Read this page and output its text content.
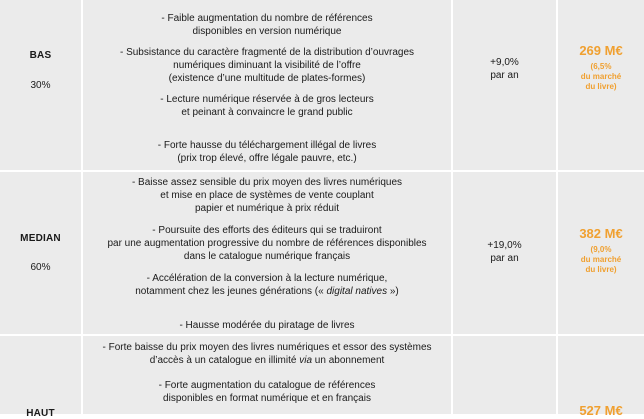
BAS
30%
- Faible augmentation du nombre de références
disponibles en version numérique
- Subsistance du caractère fragmenté de la distribution d’ouvrages
numériques diminuant la visibilité de l’offre
(existence d’une multitude de plates-formes)
- Lecture numérique réservée à de gros lecteurs
et peinant à convaincre le grand public
- Forte hausse du téléchargement illégal de livres
(prix trop élevé, offre légale pauvre, etc.)
+9,0%
par an
269 M€
(6,5%
du marché
du livre)
MEDIAN
60%
- Baisse assez sensible du prix moyen des livres numériques
et mise en place de systèmes de vente couplant
papier et numérique à prix réduit
- Poursuite des efforts des éditeurs qui se traduiront
par une augmentation progressive du nombre de références disponibles
dans le catalogue numérique français
- Accélération de la conversion à la lecture numérique,
notamment chez les jeunes générations (« digital natives »)
- Hausse modérée du piratage de livres
+19,0%
par an
382 M€
(9,0%
du marché
du livre)
HAUT
- Forte baisse du prix moyen des livres numériques et essor des systèmes
d’accès à un catalogue en illimité via un abonnement
- Forte augmentation du catalogue de références
disponibles en format numérique et en français
527 M€
